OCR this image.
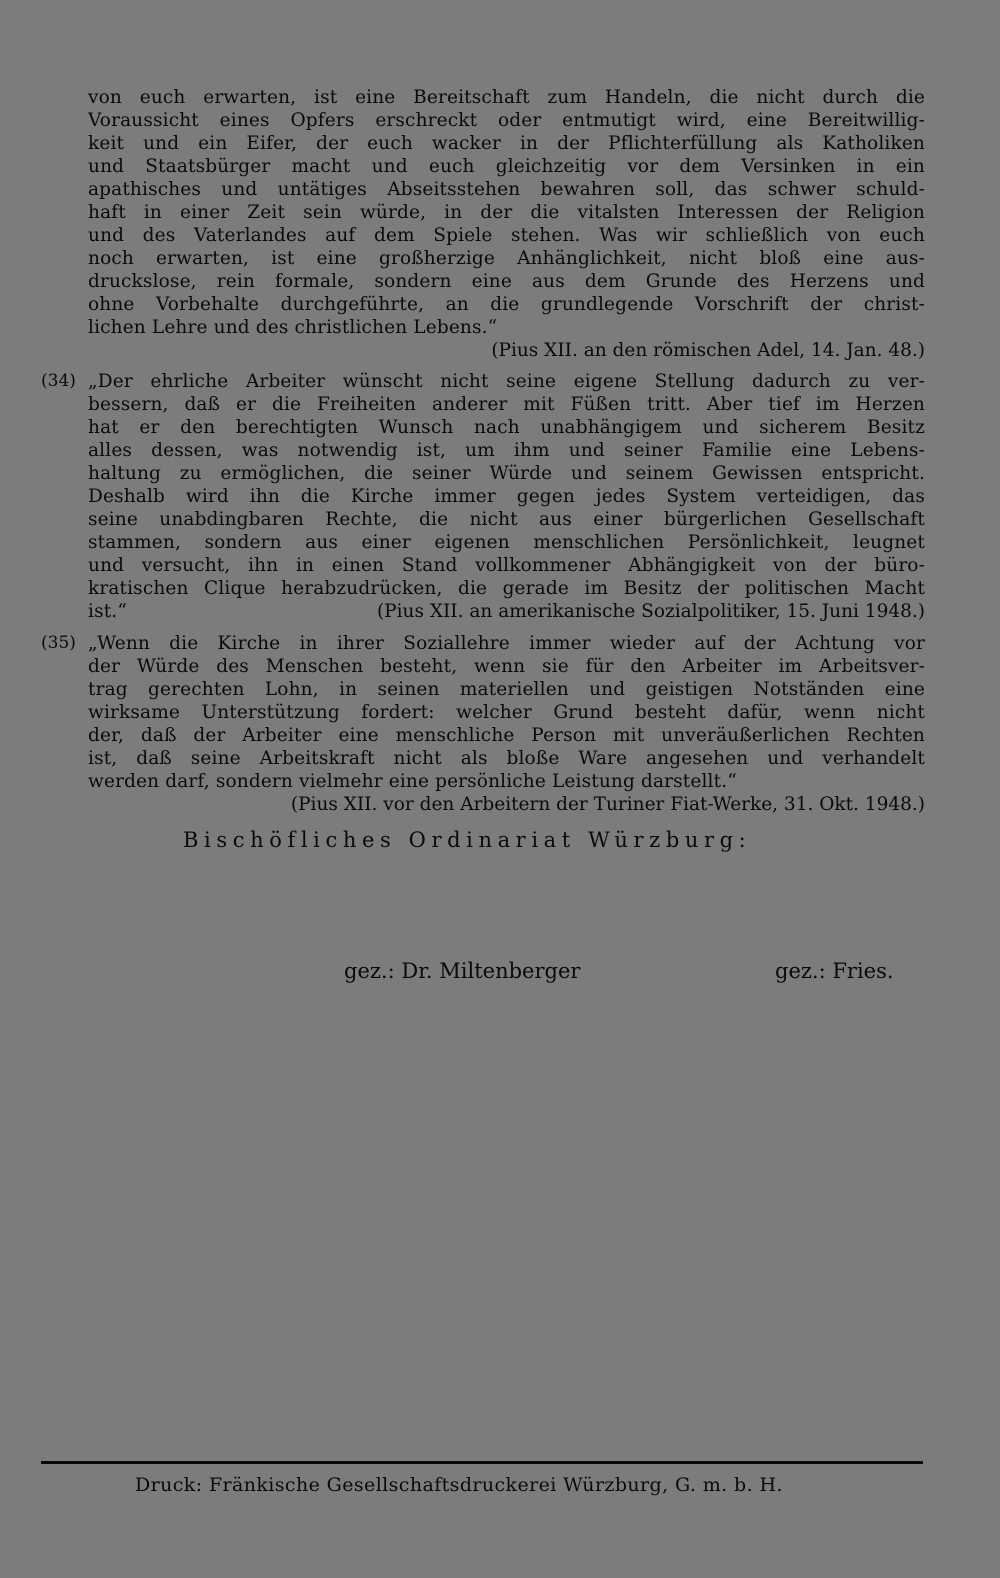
von euch erwarten, ist eine Bereitschaft zum Handeln, die nicht durch die
Voraussicht eines Opfers erschreckt oder entmutigt wird, eine Bereitwillig-
keit und ein Eifer, der euch wacker in der Pflichterfüllung als Katholiken
und Staatsbürger macht und euch gleichzeitig vor dem Versinken in ein
apathisches und untätiges Abseitsstehen bewahren soll, das schwer schuld-
haft in einer Zeit sein würde, in der die vitalsten Interessen der Religion
und des Vaterlandes auf dem Spiele stehen. Was wir schließlich von euch
noch erwarten, ist eine großherzige Anhänglichkeit, nicht bloß eine aus-
druckslose, rein formale, sondern eine aus dem Grunde des Herzens und
ohne Vorbehalte durchgeführte, an die grundlegende Vorschrift der christ-
lichen Lehre und des christlichen Lebens.“
(Pius XII. an den römischen Adel, 14. Jan. 48.)
(34) „Der ehrliche Arbeiter wünscht nicht seine eigene Stellung dadurch zu ver-
bessern, daß er die Freiheiten anderer mit Füßen tritt. Aber tief im Herzen
hat er den berechtigten Wunsch nach unabhängigem und sicherem Besitz
alles dessen, was notwendig ist, um ihm und seiner Familie eine Lebens-
haltung zu ermöglichen, die seiner Würde und seinem Gewissen entspricht.
Deshalb wird ihn die Kirche immer gegen jedes System verteidigen, das
seine unabdingbaren Rechte, die nicht aus einer bürgerlichen Gesellschaft
stammen, sondern aus einer eigenen menschlichen Persönlichkeit, leugnet
und versucht, ihn in einen Stand vollkommener Abhängigkeit von der büro-
kratischen Clique herabzudrücken, die gerade im Besitz der politischen Macht
ist.“	(Pius XII. an amerikanische Sozialpolitiker, 15. Juni 1948.)
(35) „Wenn die Kirche in ihrer Soziallehre immer wieder auf der Achtung vor
der Würde des Menschen besteht, wenn sie für den Arbeiter im Arbeitsver-
trag gerechten Lohn, in seinen materiellen und geistigen Notständen eine
wirksame Unterstützung fordert: welcher Grund besteht dafür, wenn nicht
der, daß der Arbeiter eine menschliche Person mit unveräußerlichen Rechten
ist, daß seine Arbeitskraft nicht als bloße Ware angesehen und verhandelt
werden darf, sondern vielmehr eine persönliche Leistung darstellt.“
(Pius XII. vor den Arbeitern der Turiner Fiat-Werke, 31. Okt. 1948.)
Bischöfliches Ordinariat Würzburg:
gez.: Dr. Miltenberger	gez.: Fries.
Druck: Fränkische Gesellschaftsdruckerei Würzburg, G. m. b. H.
